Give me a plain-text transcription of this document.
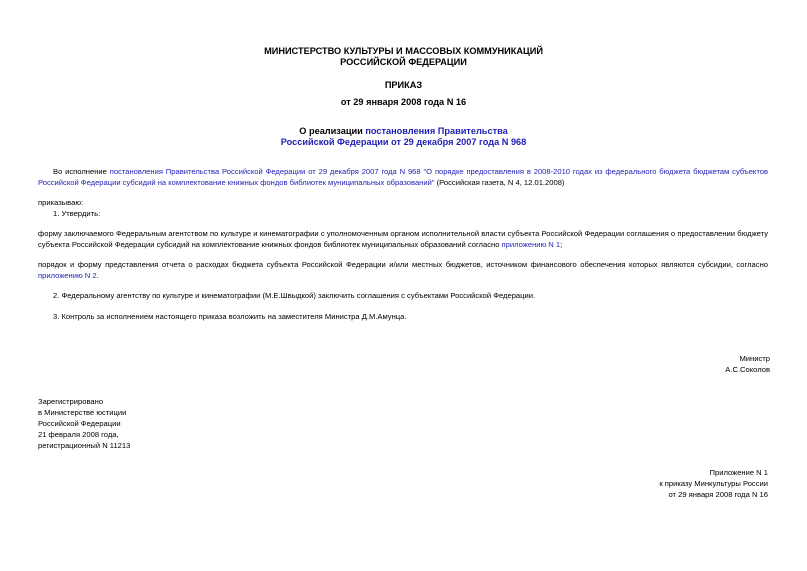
МИНИСТЕРСТВО КУЛЬТУРЫ И МАССОВЫХ КОММУНИКАЦИЙ
РОССИЙСКОЙ ФЕДЕРАЦИИ
ПРИКАЗ
от 29 января 2008 года N 16
О реализации постановления Правительства
Российской Федерации от 29 декабря 2007 года N 968
Во исполнение постановления Правительства Российской Федерации от 29 декабря 2007 года N 968 "О порядке предоставления в 2008-2010 годах из федерального бюджета бюджетам субъектов Российской Федерации субсидий на комплектование книжных фондов библиотек муниципальных образований" (Российская газета, N 4, 12.01.2008)
приказываю:
1. Утвердить:
форму заключаемого Федеральным агентством по культуре и кинематографии с уполномоченным органом исполнительной власти субъекта Российской Федерации соглашения о предоставлении бюджету субъекта Российской Федерации субсидий на комплектование книжных фондов библиотек муниципальных образований согласно приложению N 1;
порядок и форму представления отчета о расходах бюджета субъекта Российской Федерации и/или местных бюджетов, источником финансового обеспечения которых являются субсидии, согласно приложению N 2.
2. Федеральному агентству по культуре и кинематографии (М.Е.Швыдкой) заключить соглашения с субъектами Российской Федерации.
3. Контроль за исполнением настоящего приказа возложить на заместителя Министра Д.М.Амунца.
Министр
А.С.Соколов
Зарегистрировано
в Министерстве юстиции
Российской Федерации
21 февраля 2008 года,
регистрационный N 11213
Приложение N 1
к приказу Минкультуры России
от 29 января 2008 года N 16
